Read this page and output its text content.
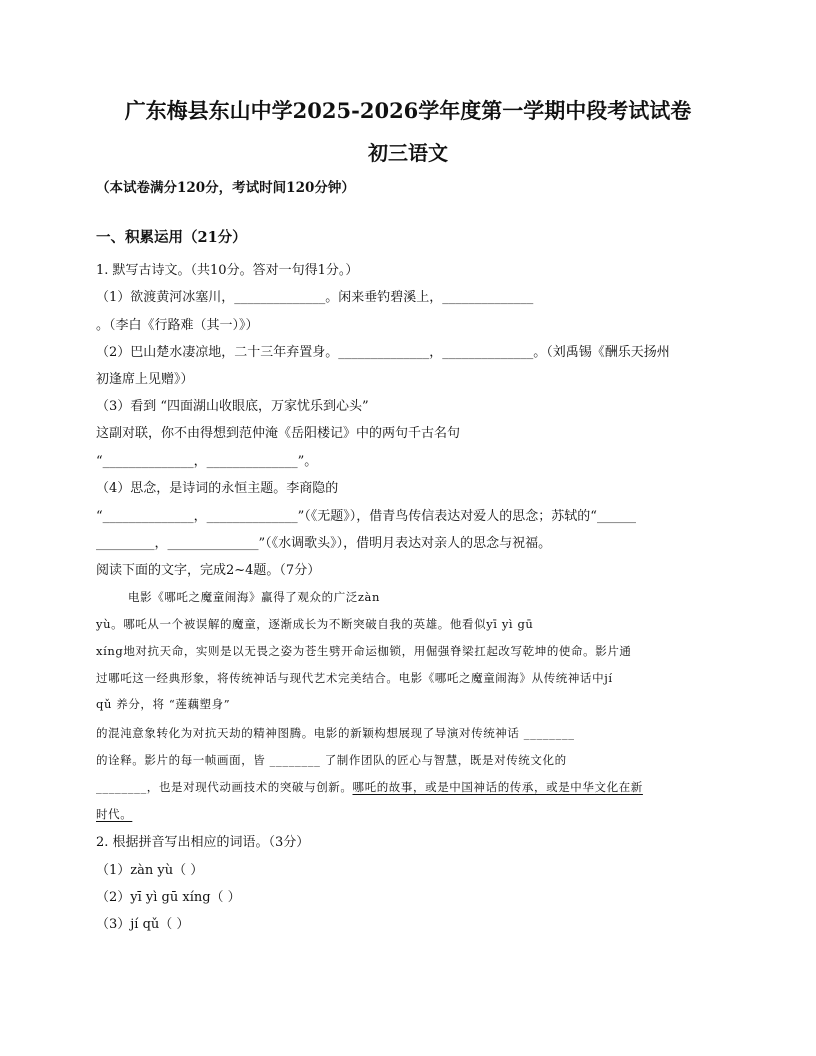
广东梅县东山中学2025-2026学年度第一学期中段考试试卷
初三语文
（本试卷满分120分，考试时间120分钟）
一、积累运用（21分）
1. 默写古诗文。（共10分。答对一句得1分。）
（1）欲渡黄河冰塞川，______________。闲来垂钓碧溪上，______________
。（李白《行路难（其一）》）
（2）巴山楚水凄凉地，二十三年弃置身。______________，______________。（刘禹锡《酬乐天扬州
初逢席上见赠》）
（3）看到 “四面湖山收眼底，万家忧乐到心头”
这副对联，你不由得想到范仲淹《岳阳楼记》中的两句千古名句
“______________，______________”。
（4）思念，是诗词的永恒主题。李商隐的
“______________，______________”（《无题》），借青鸟传信表达对爱人的思念；苏轼的“______
_________，______________”（《水调歌头》），借明月表达对亲人的思念与祝福。
阅读下面的文字，完成2~4题。（7分）
电影《哪吒之魔童闹海》赢得了观众的广泛zàn
yù。哪吒从一个被误解的魔童，逐渐成长为不断突破自我的英雄。他看似yī yì gū
xíng地对抗天命，实则是以无畏之姿为苍生劈开命运枷锁，用倔强脊梁扛起改写乾坤的使命。影片通
过哪吒这一经典形象，将传统神话与现代艺术完美结合。电影《哪吒之魔童闹海》从传统神话中jí
qǔ 养分，将 “莲藕塑身”
的混沌意象转化为对抗天劫的精神图腾。电影的新颖构想展现了导演对传统神话 ________
的诠释。影片的每一帧画面，皆 ________ 了制作团队的匠心与智慧，既是对传统文化的
________，也是对现代动画技术的突破与创新。哪吒的故事，或是中国神话的传承，或是中华文化在新
时代。
2. 根据拼音写出相应的词语。（3分）
（1）zàn yù（ ）
（2）yī yì gū xíng（ ）
（3）jí qǔ（ ）
